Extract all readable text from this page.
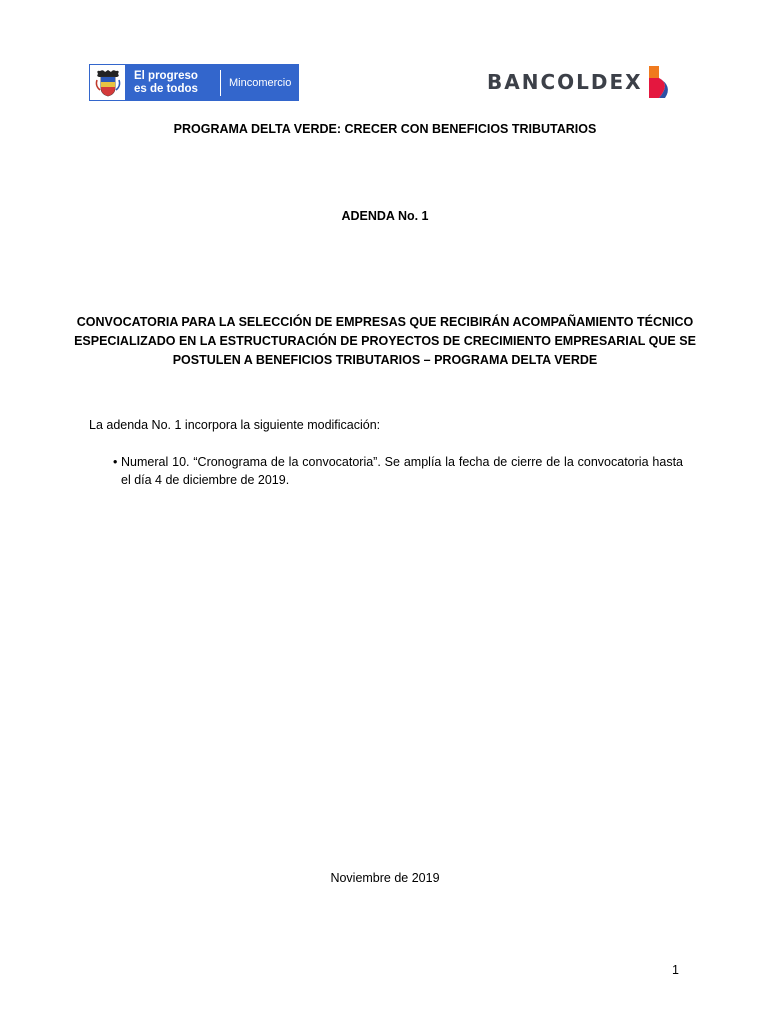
El progreso
es de todos	Mincomercio	BANCOLDEX
PROGRAMA DELTA VERDE: CRECER CON BENEFICIOS TRIBUTARIOS
ADENDA No. 1
CONVOCATORIA PARA LA SELECCIÓN DE EMPRESAS QUE RECIBIRÁN ACOMPAÑAMIENTO TÉCNICO
ESPECIALIZADO EN LA ESTRUCTURACIÓN DE PROYECTOS DE CRECIMIENTO EMPRESARIAL QUE SE
POSTULEN A BENEFICIOS TRIBUTARIOS – PROGRAMA DELTA VERDE
La adenda No. 1 incorpora la siguiente modificación:
• Numeral 10. “Cronograma de la convocatoria”. Se amplía la fecha de cierre de la convocatoria hasta el día 4 de diciembre de 2019.
Noviembre de 2019
1
